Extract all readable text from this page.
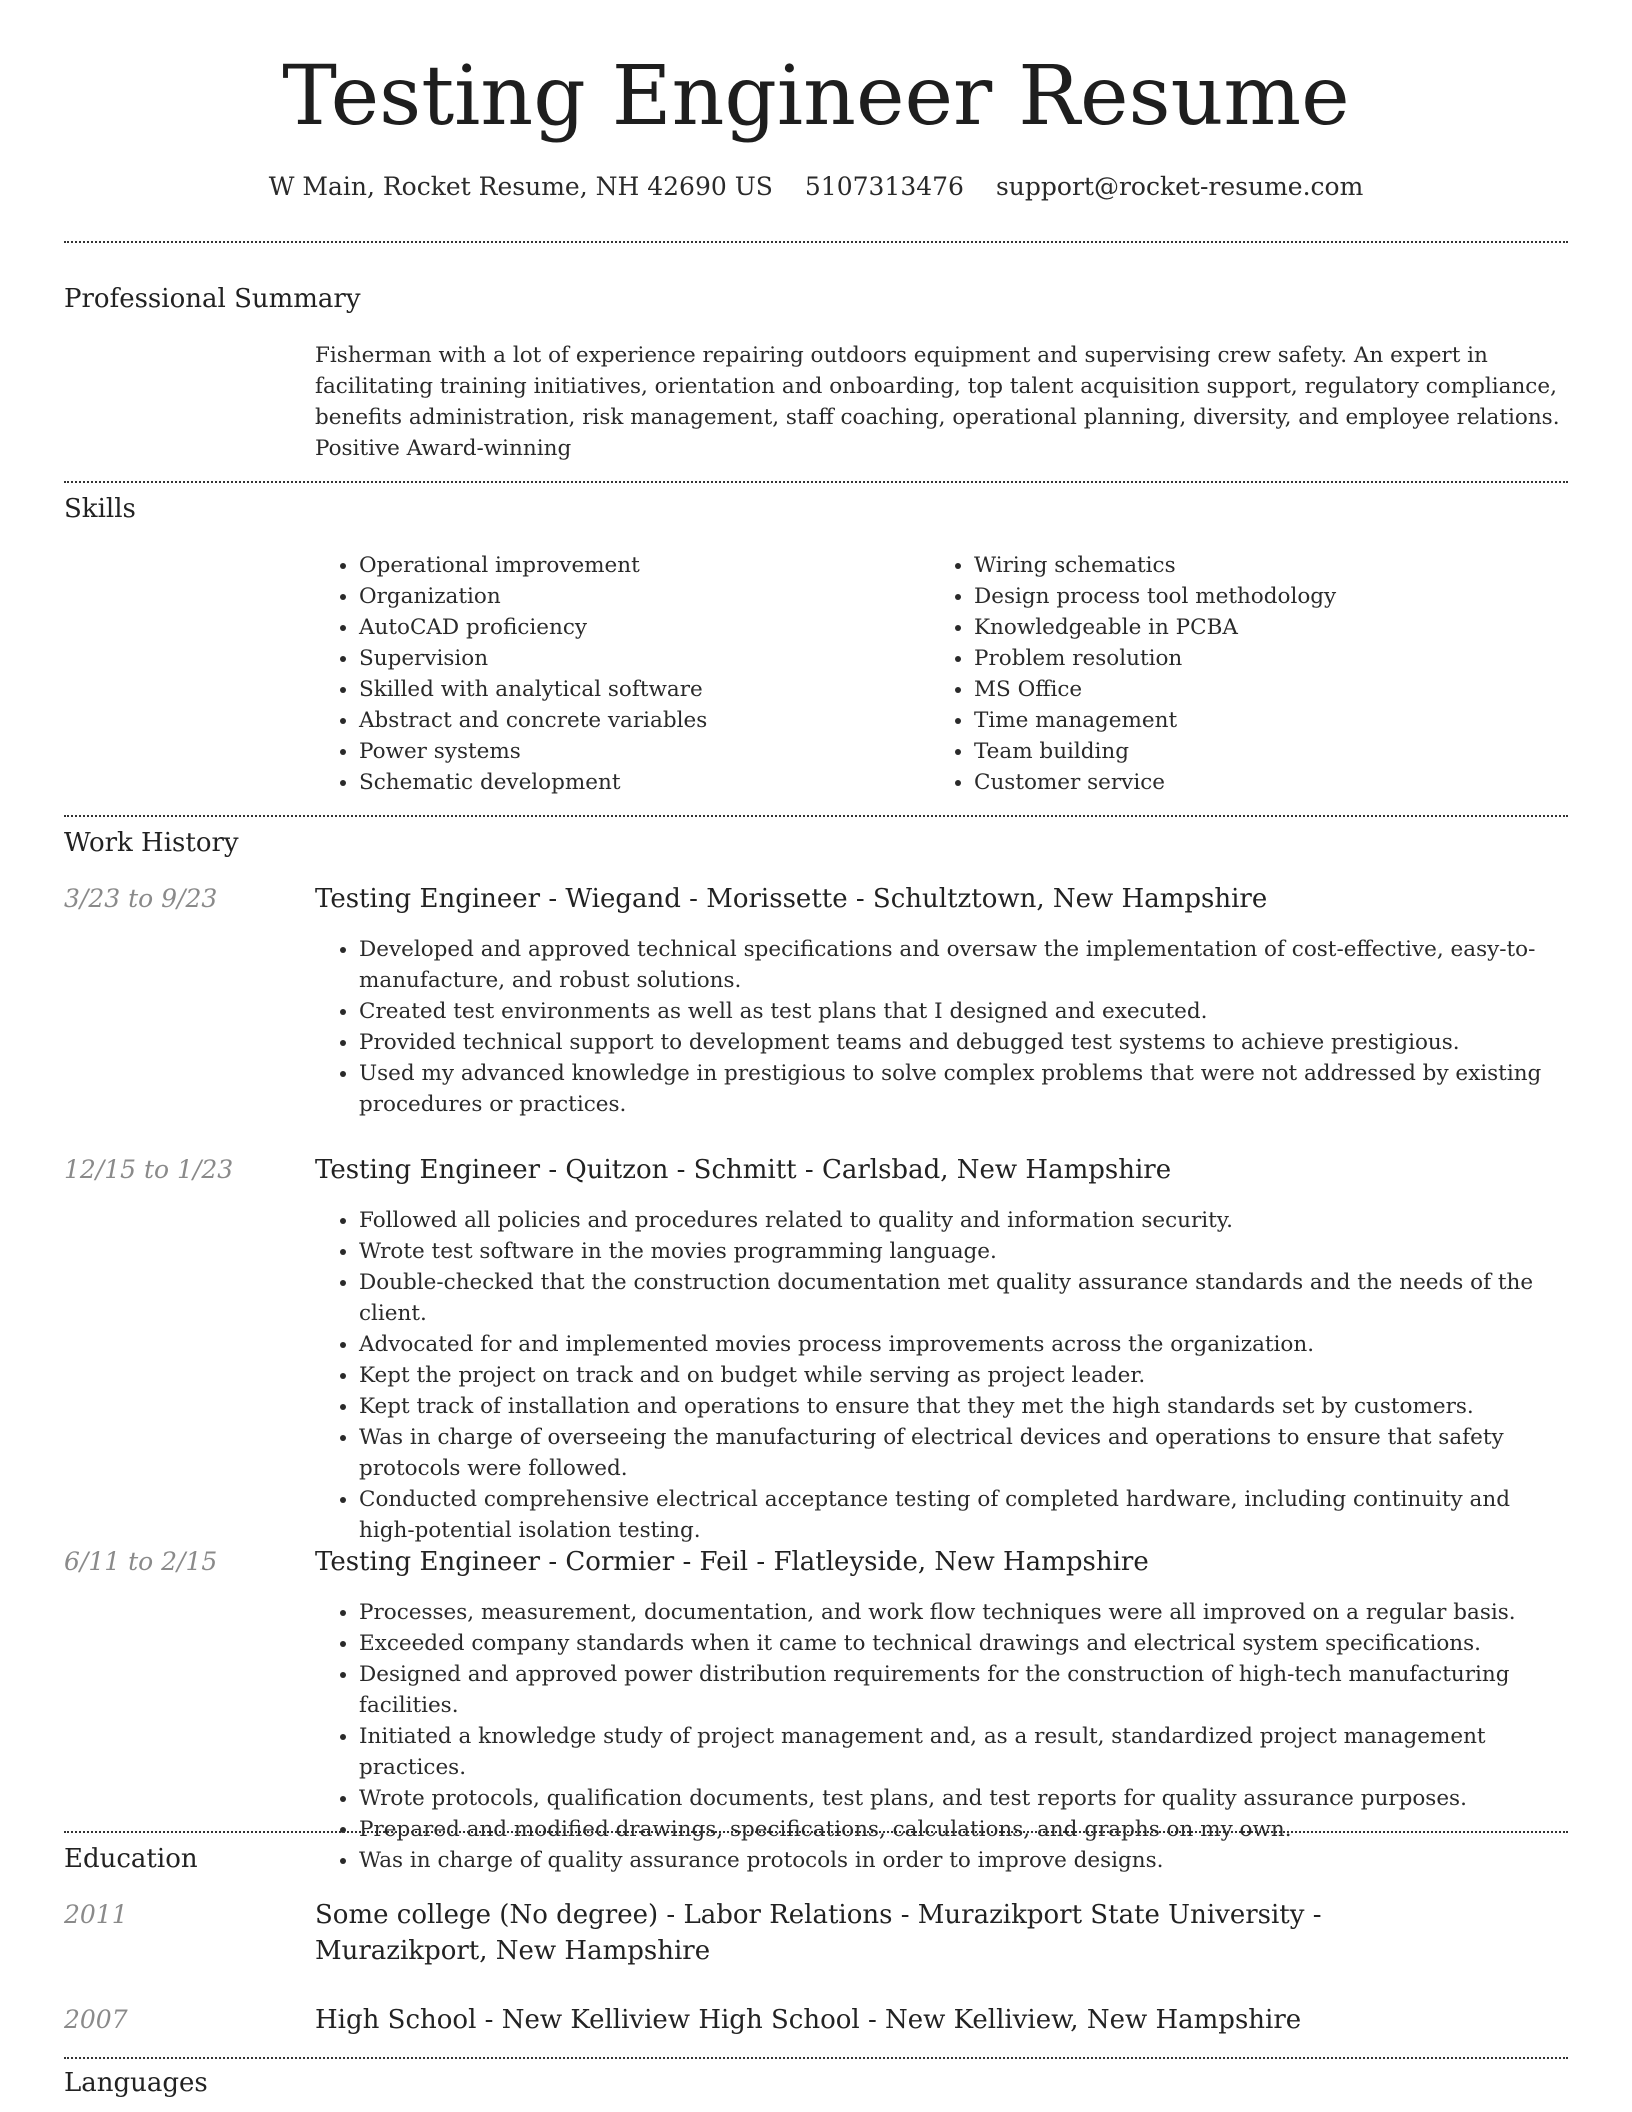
Testing Engineer Resume
W Main, Rocket Resume, NH 42690 US 5107313476 support@rocket-resume.com
Professional Summary
Fisherman with a lot of experience repairing outdoors equipment and supervising crew safety. An expert in facilitating training initiatives, orientation and onboarding, top talent acquisition support, regulatory compliance, benefits administration, risk management, staff coaching, operational planning, diversity, and employee relations. Positive Award-winning
Skills
• Operational improvement
• Organization
• AutoCAD proficiency
• Supervision
• Skilled with analytical software
• Abstract and concrete variables
• Power systems
• Schematic development
• Wiring schematics
• Design process tool methodology
• Knowledgeable in PCBA
• Problem resolution
• MS Office
• Time management
• Team building
• Customer service
Work History
3/23 to 9/23	Testing Engineer - Wiegand - Morissette - Schultztown, New Hampshire
• Developed and approved technical specifications and oversaw the implementation of cost-effective, easy-to-manufacture, and robust solutions.
• Created test environments as well as test plans that I designed and executed.
• Provided technical support to development teams and debugged test systems to achieve prestigious.
• Used my advanced knowledge in prestigious to solve complex problems that were not addressed by existing procedures or practices.
12/15 to 1/23	Testing Engineer - Quitzon - Schmitt - Carlsbad, New Hampshire
• Followed all policies and procedures related to quality and information security.
• Wrote test software in the movies programming language.
• Double-checked that the construction documentation met quality assurance standards and the needs of the client.
• Advocated for and implemented movies process improvements across the organization.
• Kept the project on track and on budget while serving as project leader.
• Kept track of installation and operations to ensure that they met the high standards set by customers.
• Was in charge of overseeing the manufacturing of electrical devices and operations to ensure that safety protocols were followed.
• Conducted comprehensive electrical acceptance testing of completed hardware, including continuity and high-potential isolation testing.
6/11 to 2/15	Testing Engineer - Cormier - Feil - Flatleyside, New Hampshire
• Processes, measurement, documentation, and work flow techniques were all improved on a regular basis.
• Exceeded company standards when it came to technical drawings and electrical system specifications.
• Designed and approved power distribution requirements for the construction of high-tech manufacturing facilities.
• Initiated a knowledge study of project management and, as a result, standardized project management practices.
• Wrote protocols, qualification documents, test plans, and test reports for quality assurance purposes.
• Prepared and modified drawings, specifications, calculations, and graphs on my own.
• Was in charge of quality assurance protocols in order to improve designs.
Education
2011	Some college (No degree) - Labor Relations - Murazikport State University - Murazikport, New Hampshire
2007	High School - New Kelliview High School - New Kelliview, New Hampshire
Languages
